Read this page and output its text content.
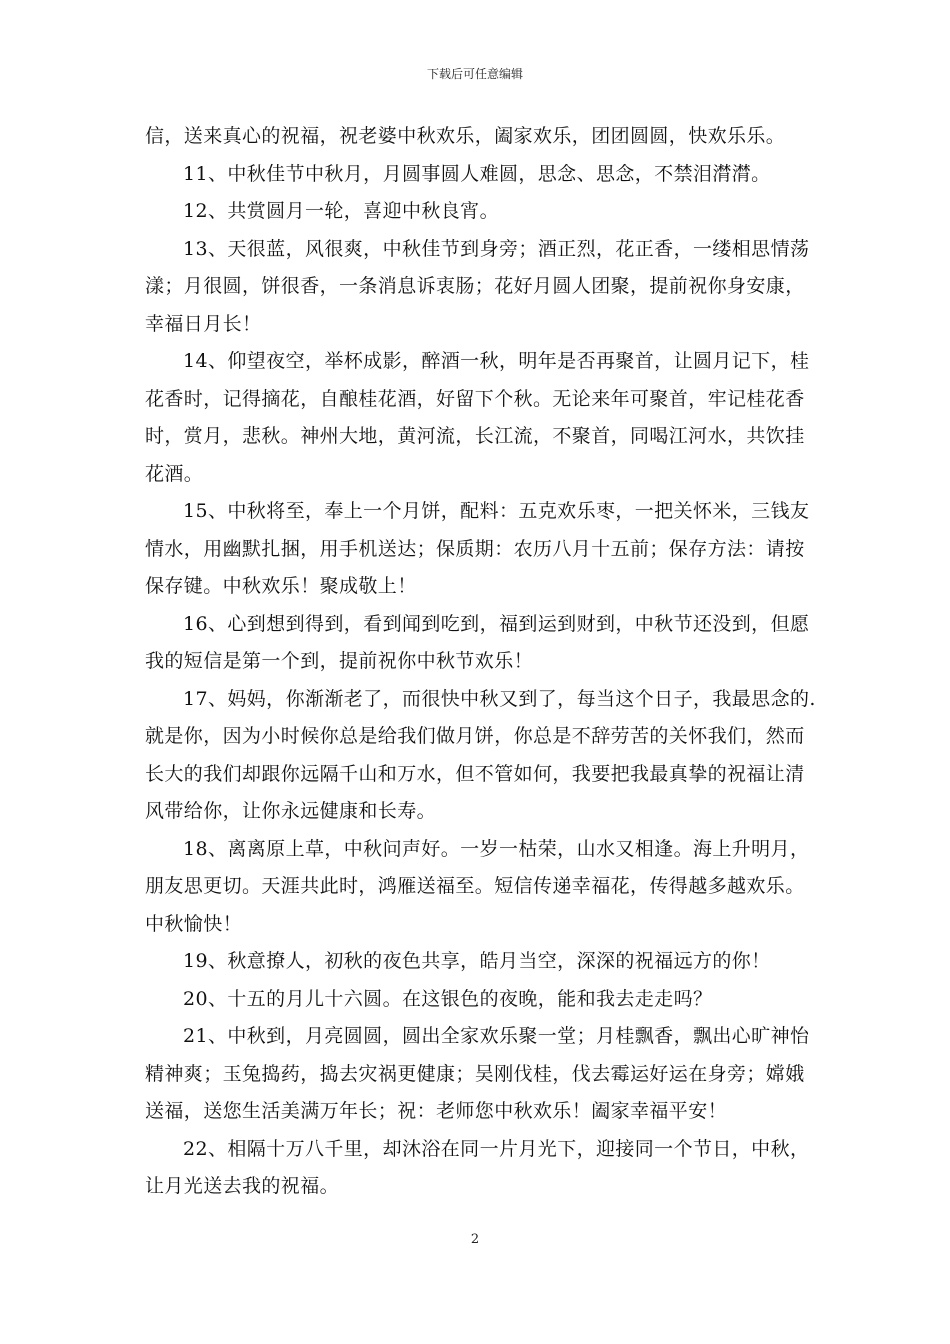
下载后可任意编辑

信，送来真心的祝福，祝老婆中秋欢乐，阖家欢乐，团团圆圆，快欢乐乐。

11、中秋佳节中秋月，月圆事圆人难圆，思念、思念，不禁泪潸潸。

12、共赏圆月一轮，喜迎中秋良宵。

13、天很蓝，风很爽，中秋佳节到身旁；酒正烈，花正香，一缕相思情荡
漾；月很圆，饼很香，一条消息诉衷肠；花好月圆人团聚，提前祝你身安康，
幸福日月长！

14、仰望夜空，举杯成影，醉酒一秋，明年是否再聚首，让圆月记下，桂
花香时，记得摘花，自酿桂花酒，好留下个秋。无论来年可聚首，牢记桂花香
时，赏月，悲秋。神州大地，黄河流，长江流，不聚首，同喝江河水，共饮挂
花酒。

15、中秋将至，奉上一个月饼，配料：五克欢乐枣，一把关怀米，三钱友
情水，用幽默扎捆，用手机送达；保质期：农历八月十五前；保存方法：请按
保存键。中秋欢乐！聚成敬上！

16、心到想到得到，看到闻到吃到，福到运到财到，中秋节还没到，但愿
我的短信是第一个到，提前祝你中秋节欢乐！

17、妈妈，你渐渐老了，而很快中秋又到了，每当这个日子，我最思念的.
就是你，因为小时候你总是给我们做月饼，你总是不辞劳苦的关怀我们，然而
长大的我们却跟你远隔千山和万水，但不管如何，我要把我最真挚的祝福让清
风带给你，让你永远健康和长寿。

18、离离原上草，中秋问声好。一岁一枯荣，山水又相逢。海上升明月，
朋友思更切。天涯共此时，鸿雁送福至。短信传递幸福花，传得越多越欢乐。
中秋愉快！

19、秋意撩人，初秋的夜色共享，皓月当空，深深的祝福远方的你！

20、十五的月儿十六圆。在这银色的夜晚，能和我去走走吗？

21、中秋到，月亮圆圆，圆出全家欢乐聚一堂；月桂飘香，飘出心旷神怡
精神爽；玉兔捣药，捣去灾祸更健康；吴刚伐桂，伐去霉运好运在身旁；嫦娥
送福，送您生活美满万年长；祝：老师您中秋欢乐！阖家幸福平安！

22、相隔十万八千里，却沐浴在同一片月光下，迎接同一个节日，中秋，
让月光送去我的祝福。

2
